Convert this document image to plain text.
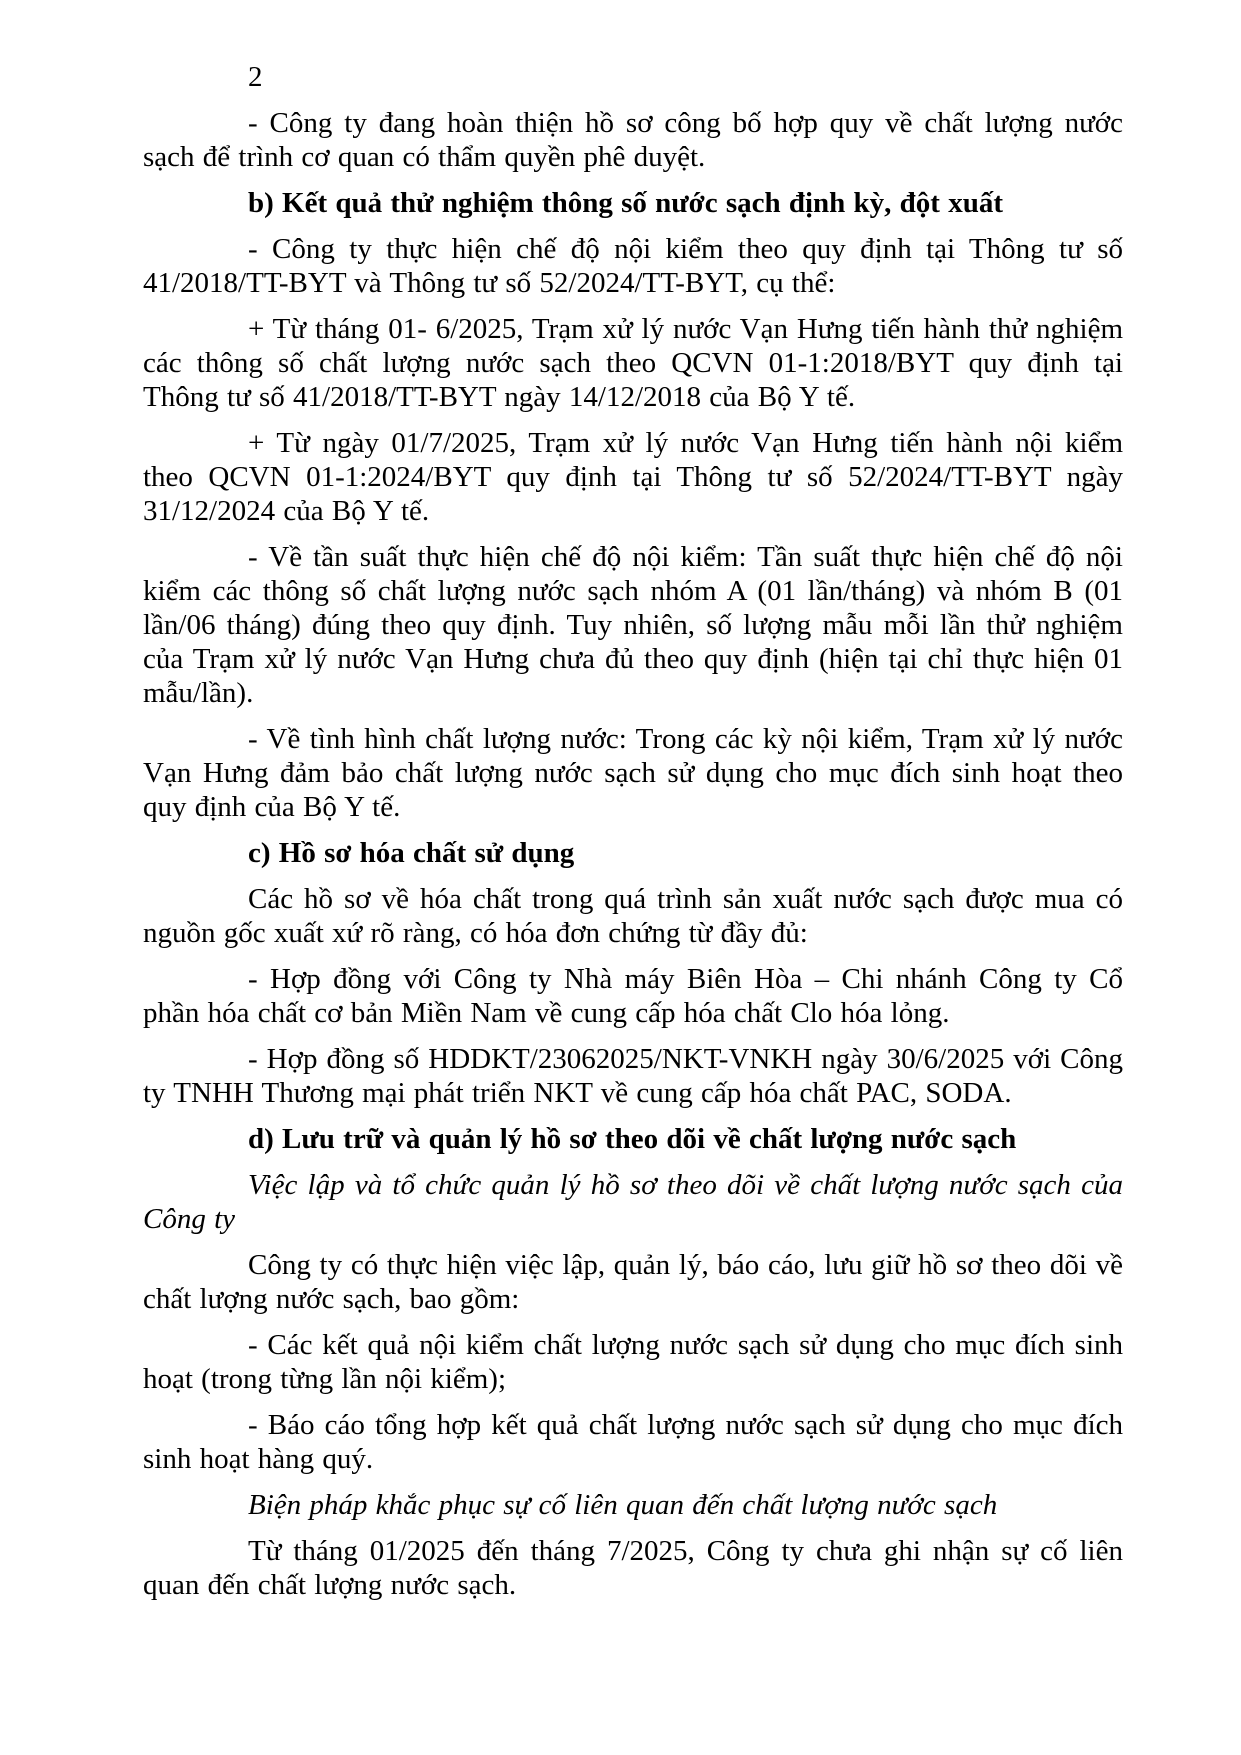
2

- Công ty đang hoàn thiện hồ sơ công bố hợp quy về chất lượng nước sạch để trình cơ quan có thẩm quyền phê duyệt.

b) Kết quả thử nghiệm thông số nước sạch định kỳ, đột xuất

- Công ty thực hiện chế độ nội kiểm theo quy định tại Thông tư số 41/2018/TT-BYT và Thông tư số 52/2024/TT-BYT, cụ thể:

+ Từ tháng 01- 6/2025, Trạm xử lý nước Vạn Hưng tiến hành thử nghiệm các thông số chất lượng nước sạch theo QCVN 01-1:2018/BYT quy định tại Thông tư số 41/2018/TT-BYT ngày 14/12/2018 của Bộ Y tế.

+ Từ ngày 01/7/2025, Trạm xử lý nước Vạn Hưng tiến hành nội kiểm theo QCVN 01-1:2024/BYT quy định tại Thông tư số 52/2024/TT-BYT ngày 31/12/2024 của Bộ Y tế.

- Về tần suất thực hiện chế độ nội kiểm: Tần suất thực hiện chế độ nội kiểm các thông số chất lượng nước sạch nhóm A (01 lần/tháng) và nhóm B (01 lần/06 tháng) đúng theo quy định. Tuy nhiên, số lượng mẫu mỗi lần thử nghiệm của Trạm xử lý nước Vạn Hưng chưa đủ theo quy định (hiện tại chỉ thực hiện 01 mẫu/lần).

- Về tình hình chất lượng nước: Trong các kỳ nội kiểm, Trạm xử lý nước Vạn Hưng đảm bảo chất lượng nước sạch sử dụng cho mục đích sinh hoạt theo quy định của Bộ Y tế.

c) Hồ sơ hóa chất sử dụng

Các hồ sơ về hóa chất trong quá trình sản xuất nước sạch được mua có nguồn gốc xuất xứ rõ ràng, có hóa đơn chứng từ đầy đủ:

- Hợp đồng với Công ty Nhà máy Biên Hòa – Chi nhánh Công ty Cổ phần hóa chất cơ bản Miền Nam về cung cấp hóa chất Clo hóa lỏng.

- Hợp đồng số HDDKT/23062025/NKT-VNKH ngày 30/6/2025 với Công ty TNHH Thương mại phát triển NKT về cung cấp hóa chất PAC, SODA.

d) Lưu trữ và quản lý hồ sơ theo dõi về chất lượng nước sạch

Việc lập và tổ chức quản lý hồ sơ theo dõi về chất lượng nước sạch của Công ty

Công ty có thực hiện việc lập, quản lý, báo cáo, lưu giữ hồ sơ theo dõi về chất lượng nước sạch, bao gồm:

- Các kết quả nội kiểm chất lượng nước sạch sử dụng cho mục đích sinh hoạt (trong từng lần nội kiểm);

- Báo cáo tổng hợp kết quả chất lượng nước sạch sử dụng cho mục đích sinh hoạt hàng quý.

Biện pháp khắc phục sự cố liên quan đến chất lượng nước sạch

Từ tháng 01/2025 đến tháng 7/2025, Công ty chưa ghi nhận sự cố liên quan đến chất lượng nước sạch.
